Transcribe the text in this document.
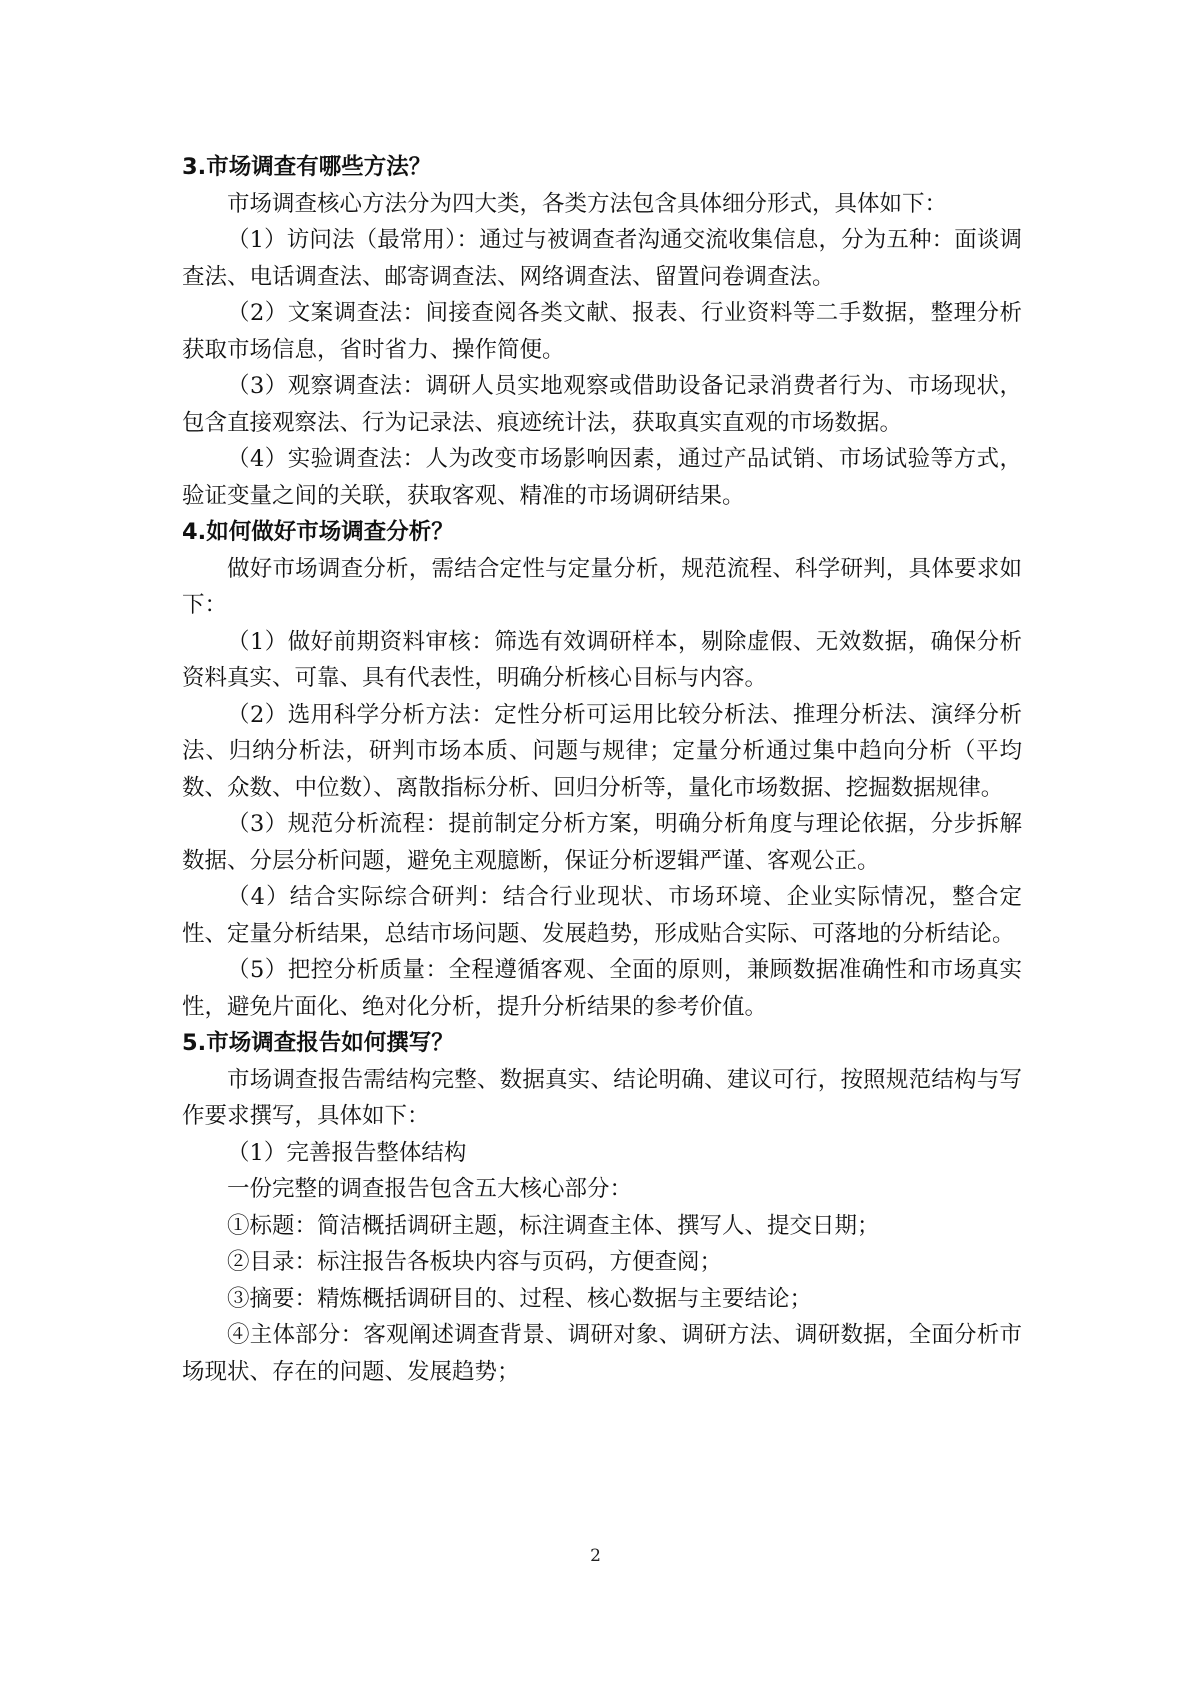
3.市场调查有哪些方法？

市场调查核心方法分为四大类，各类方法包含具体细分形式，具体如下：

（1）访问法（最常用）：通过与被调查者沟通交流收集信息，分为五种：面谈调查法、电话调查法、邮寄调查法、网络调查法、留置问卷调查法。

（2）文案调查法：间接查阅各类文献、报表、行业资料等二手数据，整理分析获取市场信息，省时省力、操作简便。

（3）观察调查法：调研人员实地观察或借助设备记录消费者行为、市场现状，包含直接观察法、行为记录法、痕迹统计法，获取真实直观的市场数据。

（4）实验调查法：人为改变市场影响因素，通过产品试销、市场试验等方式，验证变量之间的关联，获取客观、精准的市场调研结果。

4.如何做好市场调查分析？

做好市场调查分析，需结合定性与定量分析，规范流程、科学研判，具体要求如下：

（1）做好前期资料审核：筛选有效调研样本，剔除虚假、无效数据，确保分析资料真实、可靠、具有代表性，明确分析核心目标与内容。

（2）选用科学分析方法：定性分析可运用比较分析法、推理分析法、演绎分析法、归纳分析法，研判市场本质、问题与规律；定量分析通过集中趋向分析（平均数、众数、中位数）、离散指标分析、回归分析等，量化市场数据、挖掘数据规律。

（3）规范分析流程：提前制定分析方案，明确分析角度与理论依据，分步拆解数据、分层分析问题，避免主观臆断，保证分析逻辑严谨、客观公正。

（4）结合实际综合研判：结合行业现状、市场环境、企业实际情况，整合定性、定量分析结果，总结市场问题、发展趋势，形成贴合实际、可落地的分析结论。

（5）把控分析质量：全程遵循客观、全面的原则，兼顾数据准确性和市场真实性，避免片面化、绝对化分析，提升分析结果的参考价值。

5.市场调查报告如何撰写？

市场调查报告需结构完整、数据真实、结论明确、建议可行，按照规范结构与写作要求撰写，具体如下：

（1）完善报告整体结构

一份完整的调查报告包含五大核心部分：

①标题：简洁概括调研主题，标注调查主体、撰写人、提交日期；

②目录：标注报告各板块内容与页码，方便查阅；

③摘要：精炼概括调研目的、过程、核心数据与主要结论；

④主体部分：客观阐述调查背景、调研对象、调研方法、调研数据，全面分析市场现状、存在的问题、发展趋势；

2
